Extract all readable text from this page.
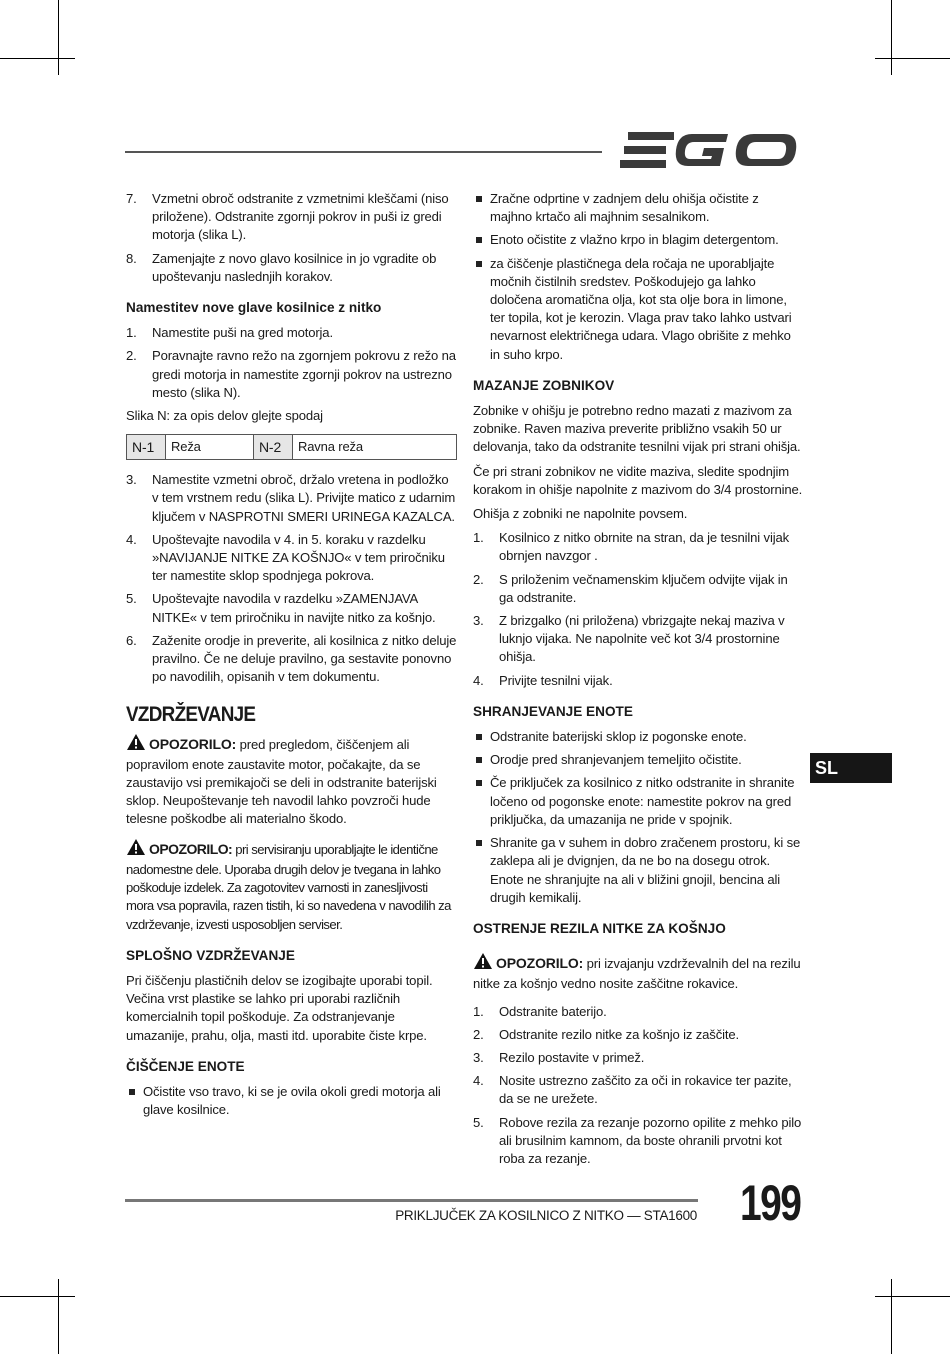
7. Vzmetni obroč odstranite z vzmetnimi kleščami (niso priložene). Odstranite zgornji pokrov in puši iz gredi motorja (slika L).
8. Zamenjajte z novo glavo kosilnice in jo vgradite ob upoštevanju naslednjih korakov.
Namestitev nove glave kosilnice z nitko
1. Namestite puši na gred motorja.
2. Poravnajte ravno režo na zgornjem pokrovu z režo na gredi motorja in namestite zgornji pokrov na ustrezno mesto (slika N).
Slika N: za opis delov glejte spodaj
N-1	Reža	N-2	Ravna reža
3. Namestite vzmetni obroč, držalo vretena in podložko v tem vrstnem redu (slika L). Privijte matico z udarnim ključem v NASPROTNI SMERI URINEGA KAZALCA.
4. Upoštevajte navodila v 4. in 5. koraku v razdelku »NAVIJANJE NITKE ZA KOŠNJO« v tem priročniku ter namestite sklop spodnjega pokrova.
5. Upoštevajte navodila v razdelku »ZAMENJAVA NITKE« v tem priročniku in navijte nitko za košnjo.
6. Zaženite orodje in preverite, ali kosilnica z nitko deluje pravilno. Če ne deluje pravilno, ga sestavite ponovno po navodilih, opisanih v tem dokumentu.
VZDRŽEVANJE
OPOZORILO: pred pregledom, čiščenjem ali popravilom enote zaustavite motor, počakajte, da se zaustavijo vsi premikajoči se deli in odstranite baterijski sklop. Neupoštevanje teh navodil lahko povzroči hude telesne poškodbe ali materialno škodo.
OPOZORILO: pri servisiranju uporabljajte le identične nadomestne dele. Uporaba drugih delov je tvegana in lahko poškoduje izdelek. Za zagotovitev varnosti in zanesljivosti mora vsa popravila, razen tistih, ki so navedena v navodilih za vzdrževanje, izvesti usposobljen serviser.
SPLOŠNO VZDRŽEVANJE
Pri čiščenju plastičnih delov se izogibajte uporabi topil. Večina vrst plastike se lahko pri uporabi različnih komercialnih topil poškoduje. Za odstranjevanje umazanije, prahu, olja, masti itd. uporabite čiste krpe.
ČIŠČENJE ENOTE
Očistite vso travo, ki se je ovila okoli gredi motorja ali glave kosilnice.
Zračne odprtine v zadnjem delu ohišja očistite z majhno krtačo ali majhnim sesalnikom.
Enoto očistite z vlažno krpo in blagim detergentom.
za čiščenje plastičnega dela ročaja ne uporabljajte močnih čistilnih sredstev. Poškodujejo ga lahko določena aromatična olja, kot sta olje bora in limone, ter topila, kot je kerozin. Vlaga prav tako lahko ustvari nevarnost električnega udara. Vlago obrišite z mehko in suho krpo.
MAZANJE ZOBNIKOV
Zobnike v ohišju je potrebno redno mazati z mazivom za zobnike. Raven maziva preverite približno vsakih 50 ur delovanja, tako da odstranite tesnilni vijak pri strani ohišja.
Če pri strani zobnikov ne vidite maziva, sledite spodnjim korakom in ohišje napolnite z mazivom do 3/4 prostornine.
Ohišja z zobniki ne napolnite povsem.
1. Kosilnico z nitko obrnite na stran, da je tesnilni vijak obrnjen navzgor .
2. S priloženim večnamenskim ključem odvijte vijak in ga odstranite.
3. Z brizgalko (ni priložena) vbrizgajte nekaj maziva v luknjo vijaka. Ne napolnite več kot 3/4 prostornine ohišja.
4. Privijte tesnilni vijak.
SHRANJEVANJE ENOTE
Odstranite baterijski sklop iz pogonske enote.
Orodje pred shranjevanjem temeljito očistite.
Če priključek za kosilnico z nitko odstranite in shranite ločeno od pogonske enote: namestite pokrov na gred priključka, da umazanija ne pride v spojnik.
Shranite ga v suhem in dobro zračenem prostoru, ki se zaklepa ali je dvignjen, da ne bo na dosegu otrok. Enote ne shranjujte na ali v bližini gnojil, bencina ali drugih kemikalij.
OSTRENJE REZILA NITKE ZA KOŠNJO
OPOZORILO: pri izvajanju vzdrževalnih del na rezilu nitke za košnjo vedno nosite zaščitne rokavice.
1. Odstranite baterijo.
2. Odstranite rezilo nitke za košnjo iz zaščite.
3. Rezilo postavite v primež.
4. Nosite ustrezno zaščito za oči in rokavice ter pazite, da se ne urežete.
5. Robove rezila za rezanje pozorno opilite z mehko pilo ali brusilnim kamnom, da boste ohranili prvotni kot roba za rezanje.
SL
PRIKLJUČEK ZA KOSILNICO Z NITKO — STA1600 199
